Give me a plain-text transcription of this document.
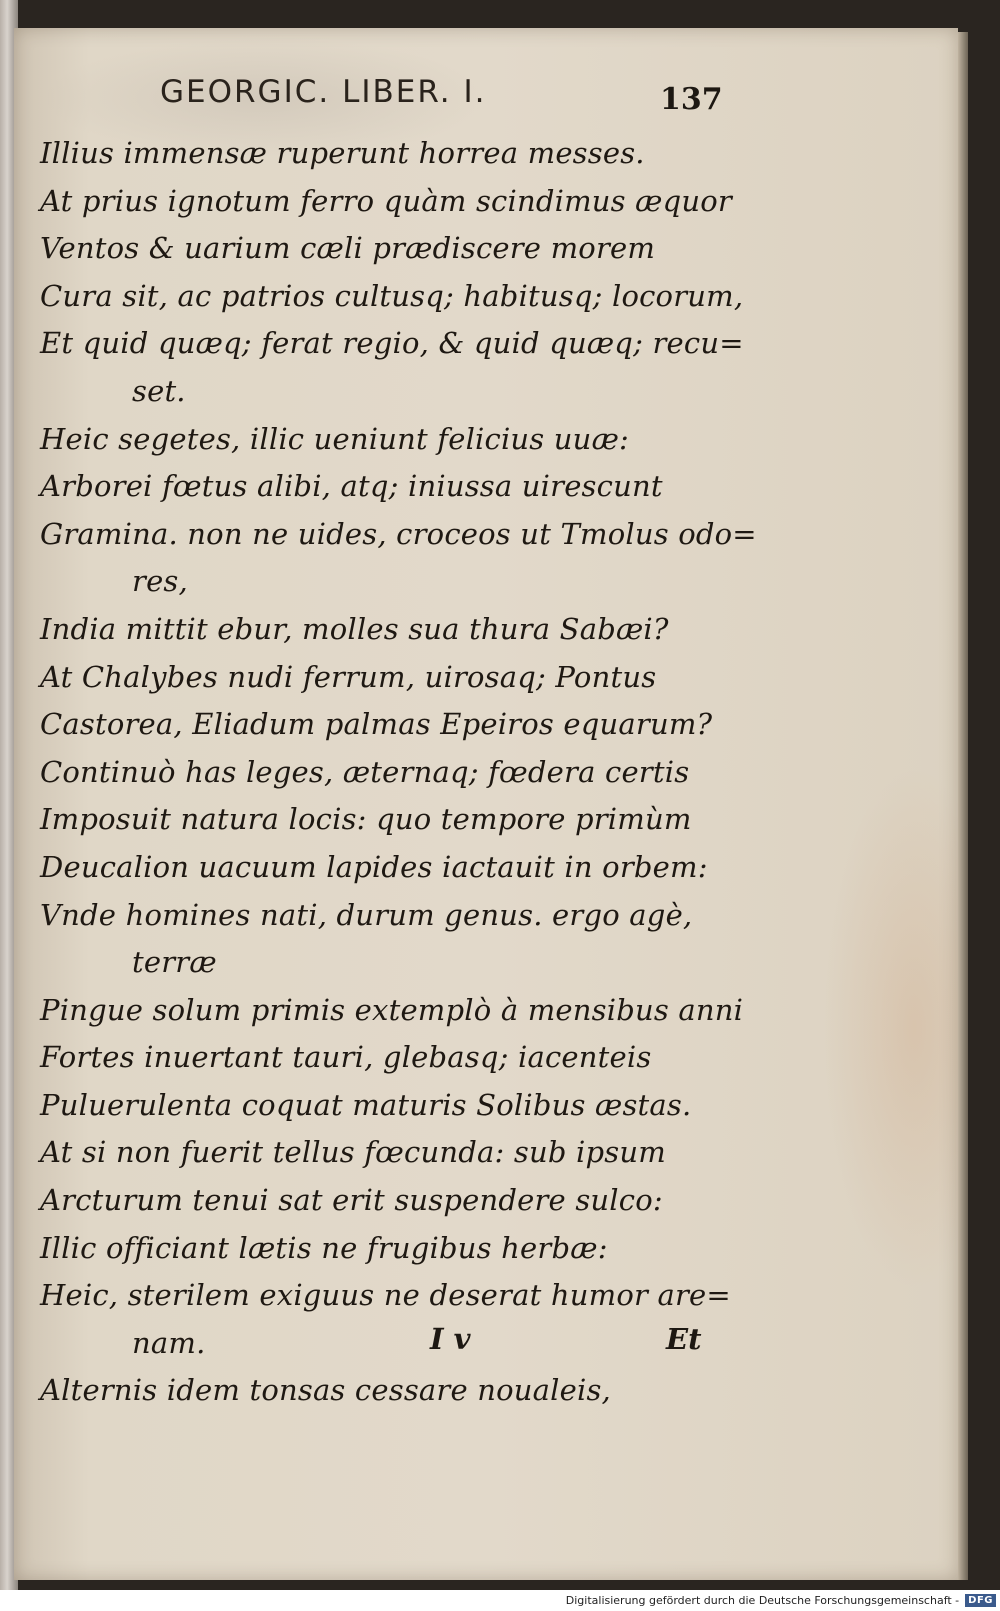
GEORGIC. LIBER. I.	137
Illius immensæ ruperunt horrea messes.
At prius ignotum ferro quàm scindimus æquor
Ventos & uarium cæli prædiscere morem
Cura sit, ac patrios cultusq; habitusq; locorum,
Et quid quæq; ferat regio, & quid quæq; recu=
set.
Heic segetes, illic ueniunt felicius uuæ:
Arborei fœtus alibi, atq; iniussa uirescunt
Gramina. non ne uides, croceos ut Tmolus odo=
res,
India mittit ebur, molles sua thura Sabæi?
At Chalybes nudi ferrum, uirosaq; Pontus
Castorea, Eliadum palmas Epeiros equarum?
Continuò has leges, æternaq; fœdera certis
Imposuit natura locis: quo tempore primùm
Deucalion uacuum lapides iactauit in orbem:
Vnde homines nati, durum genus. ergo agè,
terræ
Pingue solum primis extemplò à mensibus anni
Fortes inuertant tauri, glebasq; iacenteis
Puluerulenta coquat maturis Solibus æstas.
At si non fuerit tellus fœcunda: sub ipsum
Arcturum tenui sat erit suspendere sulco:
Illic officiant lætis ne frugibus herbæ:
Heic, sterilem exiguus ne deserat humor are=
nam.
Alternis idem tonsas cessare noualeis,
I v	Et
Digitalisierung gefördert durch die Deutsche Forschungsgemeinschaft - DFG
